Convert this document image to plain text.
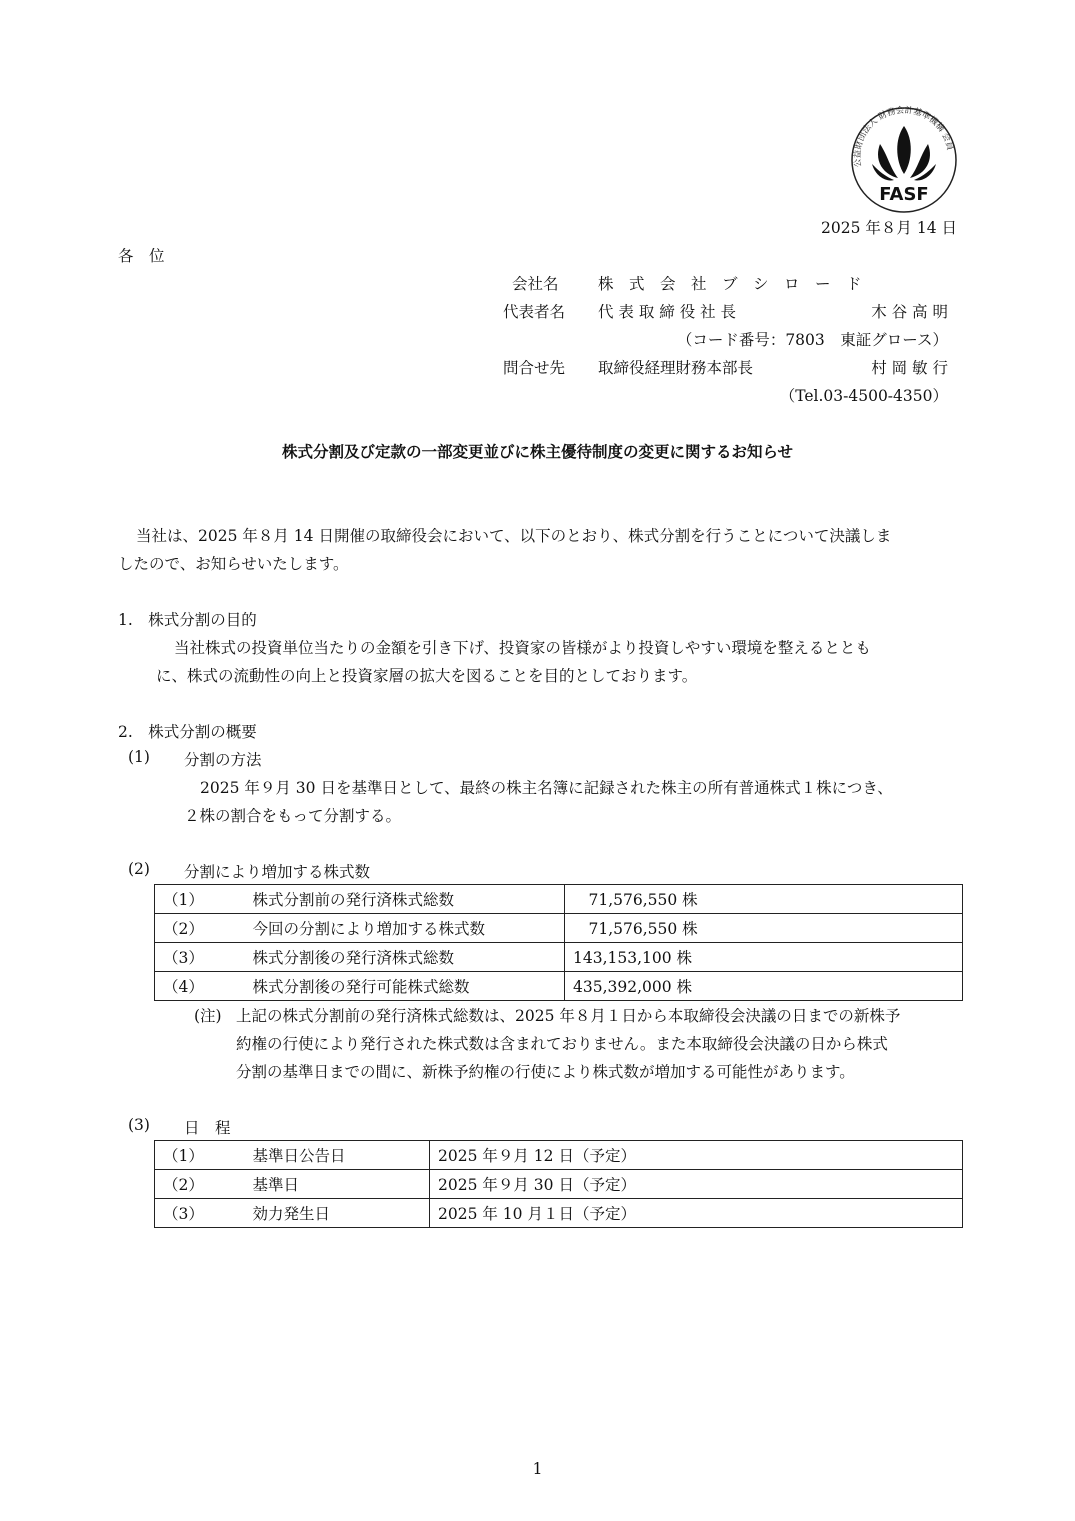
公益財団法人 財務会計基準機構 会員
FASF
2025 年８月 14 日
各　位
会社名	株　式　会　社　ブ　シ　ロ　ー　ド
代表者名 代 表 取 締 役 社 長	木 谷 高 明
（コード番号：7803　東証グロース）
問合せ先 取締役経理財務本部長	村 岡 敏 行
（Tel.03-4500-4350）
株式分割及び定款の一部変更並びに株主優待制度の変更に関するお知らせ
当社は、2025 年８月 14 日開催の取締役会において、以下のとおり、株式分割を行うことについて決議しま
したので、お知らせいたします。
1.　株式分割の目的
当社株式の投資単位当たりの金額を引き下げ、投資家の皆様がより投資しやすい環境を整えるととも
に、株式の流動性の向上と投資家層の拡大を図ることを目的としております。
2.　株式分割の概要
(1) 分割の方法
2025 年９月 30 日を基準日として、最終の株主名簿に記録された株主の所有普通株式１株につき、
２株の割合をもって分割する。
(2) 分割により増加する株式数
（1）	株式分割前の発行済株式総数	　71,576,550 株
（2）	今回の分割により増加する株式数	　71,576,550 株
（3）	株式分割後の発行済株式総数	143,153,100 株
（4）	株式分割後の発行可能株式総数	435,392,000 株
(注) 上記の株式分割前の発行済株式総数は、2025 年８月１日から本取締役会決議の日までの新株予
約権の行使により発行された株式数は含まれておりません。また本取締役会決議の日から株式
分割の基準日までの間に、新株予約権の行使により株式数が増加する可能性があります。
(3) 日　程
（1）	基準日公告日	2025 年９月 12 日（予定）
（2）	基準日	2025 年９月 30 日（予定）
（3）	効力発生日	2025 年 10 月１日（予定）
1
